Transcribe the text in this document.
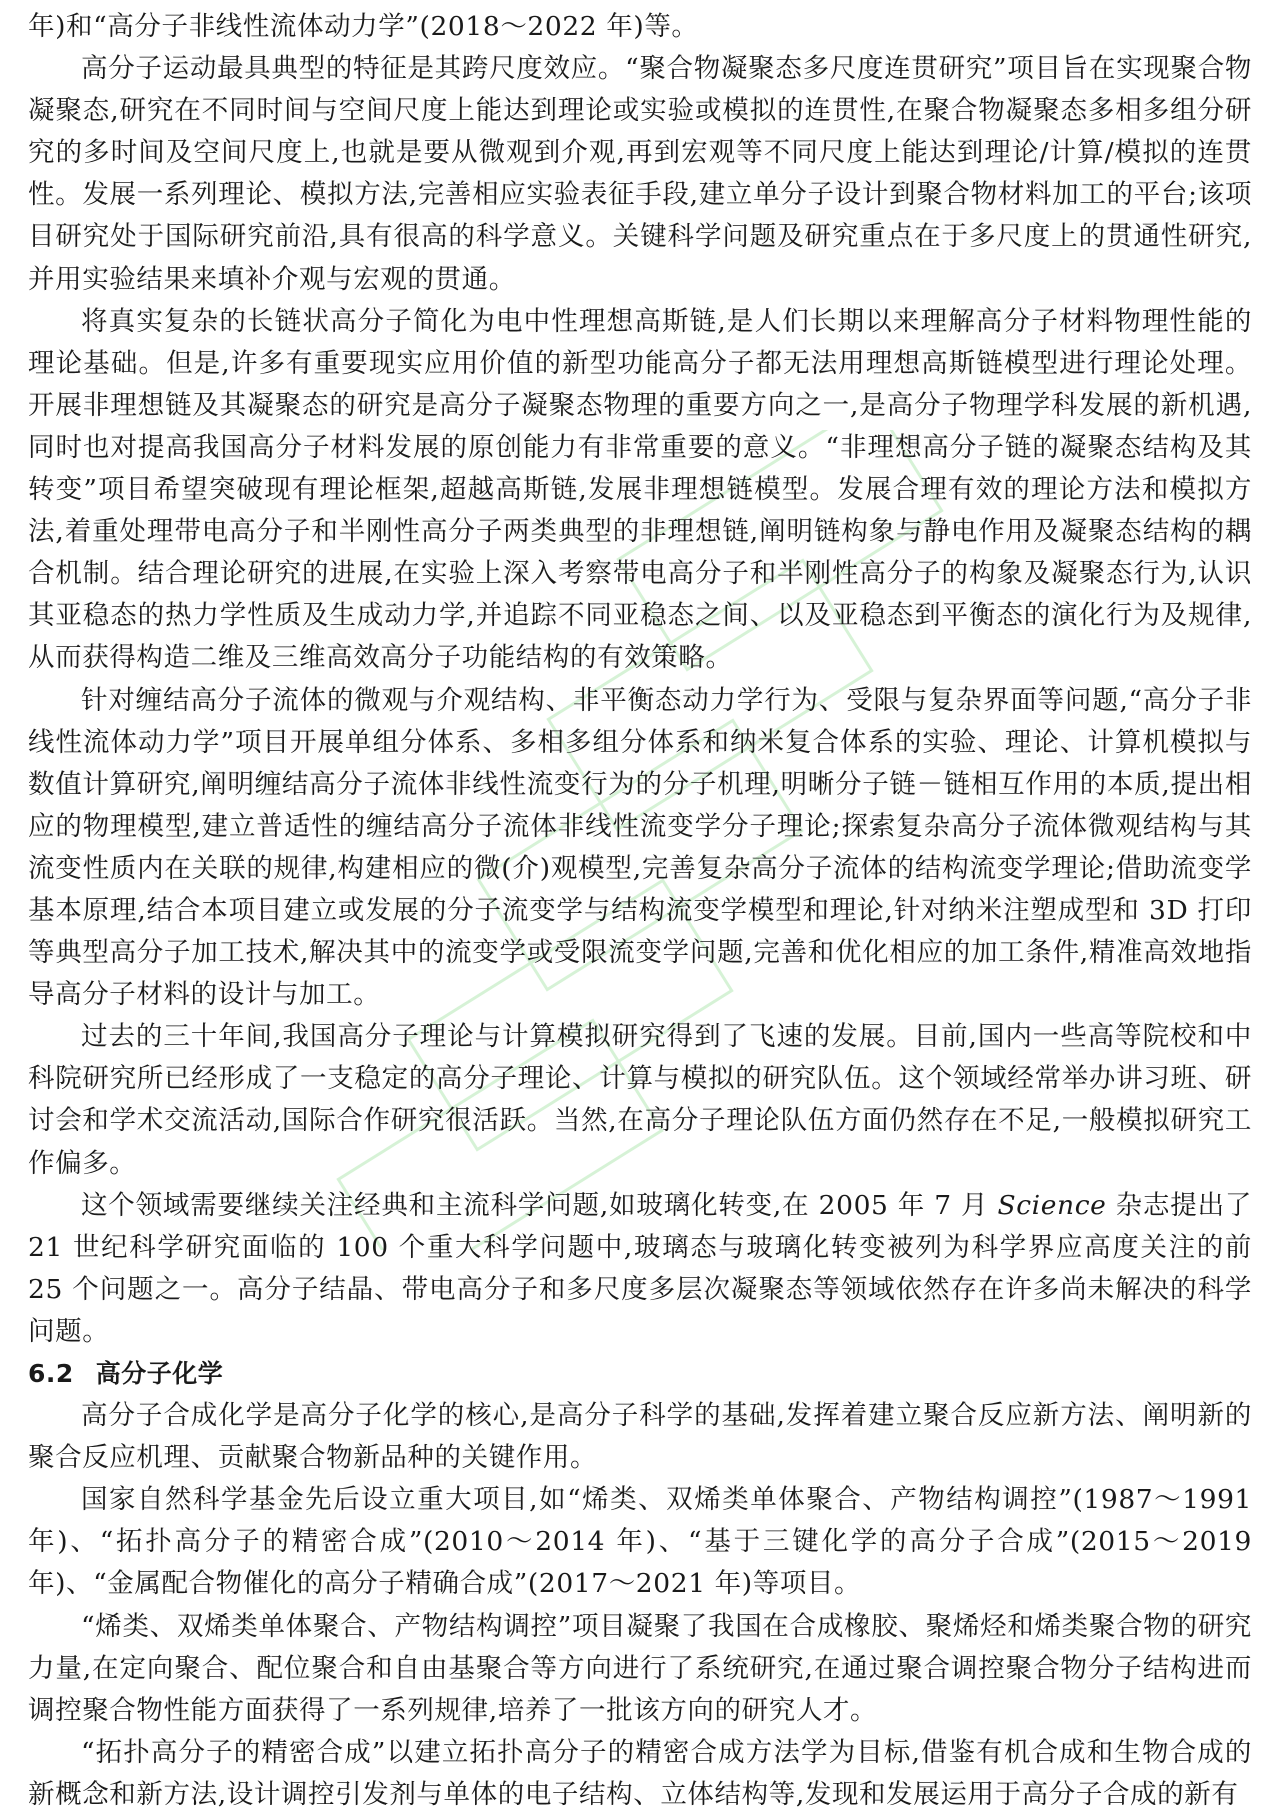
年)和“高分子非线性流体动力学”(2018～2022 年)等。

高分子运动最具典型的特征是其跨尺度效应。“聚合物凝聚态多尺度连贯研究”项目旨在实现聚合物凝聚态,研究在不同时间与空间尺度上能达到理论或实验或模拟的连贯性,在聚合物凝聚态多相多组分研究的多时间及空间尺度上,也就是要从微观到介观,再到宏观等不同尺度上能达到理论/计算/模拟的连贯性。发展一系列理论、模拟方法,完善相应实验表征手段,建立单分子设计到聚合物材料加工的平台;该项目研究处于国际研究前沿,具有很高的科学意义。关键科学问题及研究重点在于多尺度上的贯通性研究,并用实验结果来填补介观与宏观的贯通。

将真实复杂的长链状高分子简化为电中性理想高斯链,是人们长期以来理解高分子材料物理性能的理论基础。但是,许多有重要现实应用价值的新型功能高分子都无法用理想高斯链模型进行理论处理。开展非理想链及其凝聚态的研究是高分子凝聚态物理的重要方向之一,是高分子物理学科发展的新机遇,同时也对提高我国高分子材料发展的原创能力有非常重要的意义。“非理想高分子链的凝聚态结构及其转变”项目希望突破现有理论框架,超越高斯链,发展非理想链模型。发展合理有效的理论方法和模拟方法,着重处理带电高分子和半刚性高分子两类典型的非理想链,阐明链构象与静电作用及凝聚态结构的耦合机制。结合理论研究的进展,在实验上深入考察带电高分子和半刚性高分子的构象及凝聚态行为,认识其亚稳态的热力学性质及生成动力学,并追踪不同亚稳态之间、以及亚稳态到平衡态的演化行为及规律,从而获得构造二维及三维高效高分子功能结构的有效策略。

针对缠结高分子流体的微观与介观结构、非平衡态动力学行为、受限与复杂界面等问题,“高分子非线性流体动力学”项目开展单组分体系、多相多组分体系和纳米复合体系的实验、理论、计算机模拟与数值计算研究,阐明缠结高分子流体非线性流变行为的分子机理,明晰分子链－链相互作用的本质,提出相应的物理模型,建立普适性的缠结高分子流体非线性流变学分子理论;探索复杂高分子流体微观结构与其流变性质内在关联的规律,构建相应的微(介)观模型,完善复杂高分子流体的结构流变学理论;借助流变学基本原理,结合本项目建立或发展的分子流变学与结构流变学模型和理论,针对纳米注塑成型和 3D 打印等典型高分子加工技术,解决其中的流变学或受限流变学问题,完善和优化相应的加工条件,精准高效地指导高分子材料的设计与加工。

过去的三十年间,我国高分子理论与计算模拟研究得到了飞速的发展。目前,国内一些高等院校和中科院研究所已经形成了一支稳定的高分子理论、计算与模拟的研究队伍。这个领域经常举办讲习班、研讨会和学术交流活动,国际合作研究很活跃。当然,在高分子理论队伍方面仍然存在不足,一般模拟研究工作偏多。

这个领域需要继续关注经典和主流科学问题,如玻璃化转变,在 2005 年 7 月 Science 杂志提出了 21 世纪科学研究面临的 100 个重大科学问题中,玻璃态与玻璃化转变被列为科学界应高度关注的前 25 个问题之一。高分子结晶、带电高分子和多尺度多层次凝聚态等领域依然存在许多尚未解决的科学问题。

6.2 高分子化学

高分子合成化学是高分子化学的核心,是高分子科学的基础,发挥着建立聚合反应新方法、阐明新的聚合反应机理、贡献聚合物新品种的关键作用。

国家自然科学基金先后设立重大项目,如“烯类、双烯类单体聚合、产物结构调控”(1987～1991 年)、“拓扑高分子的精密合成”(2010～2014 年)、“基于三键化学的高分子合成”(2015～2019 年)、“金属配合物催化的高分子精确合成”(2017～2021 年)等项目。

“烯类、双烯类单体聚合、产物结构调控”项目凝聚了我国在合成橡胶、聚烯烃和烯类聚合物的研究力量,在定向聚合、配位聚合和自由基聚合等方向进行了系统研究,在通过聚合调控聚合物分子结构进而调控聚合物性能方面获得了一系列规律,培养了一批该方向的研究人才。

“拓扑高分子的精密合成”以建立拓扑高分子的精密合成方法学为目标,借鉴有机合成和生物合成的新概念和新方法,设计调控引发剂与单体的电子结构、立体结构等,发现和发展运用于高分子合成的新有
